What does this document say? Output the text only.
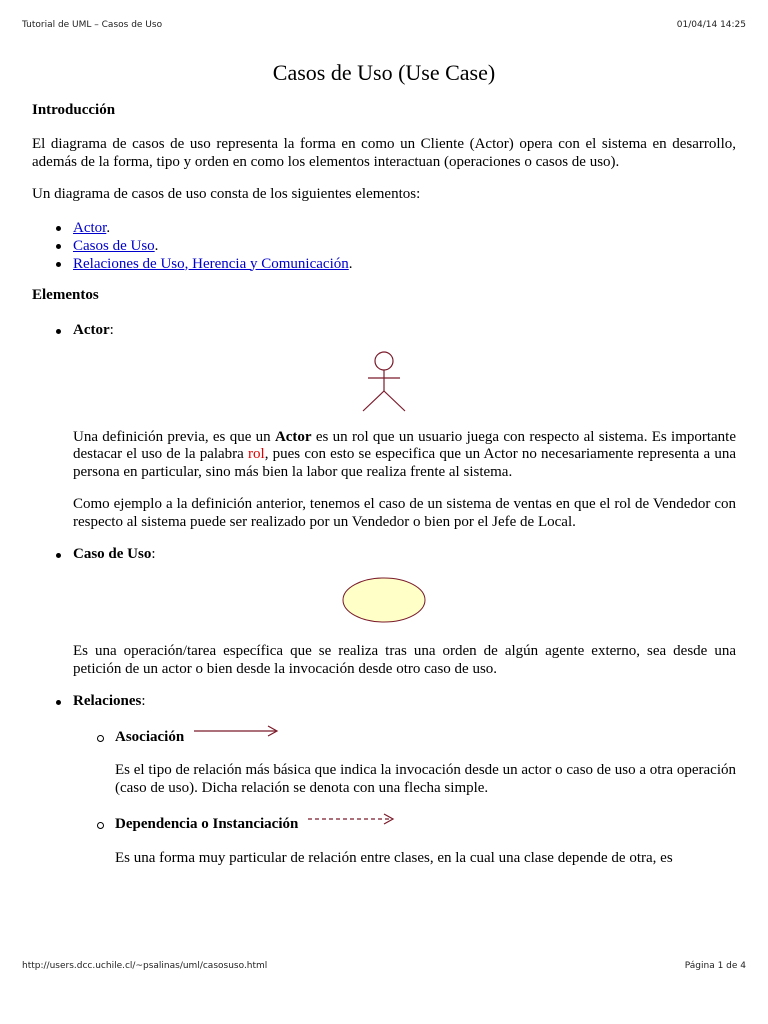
Tutorial de UML – Casos de Uso	01/04/14 14:25
Casos de Uso (Use Case)
Introducción

El diagrama de casos de uso representa la forma en como un Cliente (Actor) opera con el sistema en desarrollo, además de la forma, tipo y orden en como los elementos interactuan (operaciones o casos de uso).

Un diagrama de casos de uso consta de los siguientes elementos:

Actor.
Casos de Uso.
Relaciones de Uso, Herencia y Comunicación.
Elementos
Actor:

Una definición previa, es que un Actor es un rol que un usuario juega con respecto al sistema. Es importante destacar el uso de la palabra rol, pues con esto se especifica que un Actor no necesariamente representa a una persona en particular, sino más bien la labor que realiza frente al sistema.

Como ejemplo a la definición anterior, tenemos el caso de un sistema de ventas en que el rol de Vendedor con respecto al sistema puede ser realizado por un Vendedor o bien por el Jefe de Local.

Caso de Uso:

Es una operación/tarea específica que se realiza tras una orden de algún agente externo, sea desde una petición de un actor o bien desde la invocación desde otro caso de uso.

Relaciones:
Asociación

Es el tipo de relación más básica que indica la invocación desde un actor o caso de uso a otra operación (caso de uso). Dicha relación se denota con una flecha simple.

Dependencia o Instanciación

Es una forma muy particular de relación entre clases, en la cual una clase depende de otra, es

http://users.dcc.uchile.cl/~psalinas/uml/casosuso.html	Página 1 de 4
